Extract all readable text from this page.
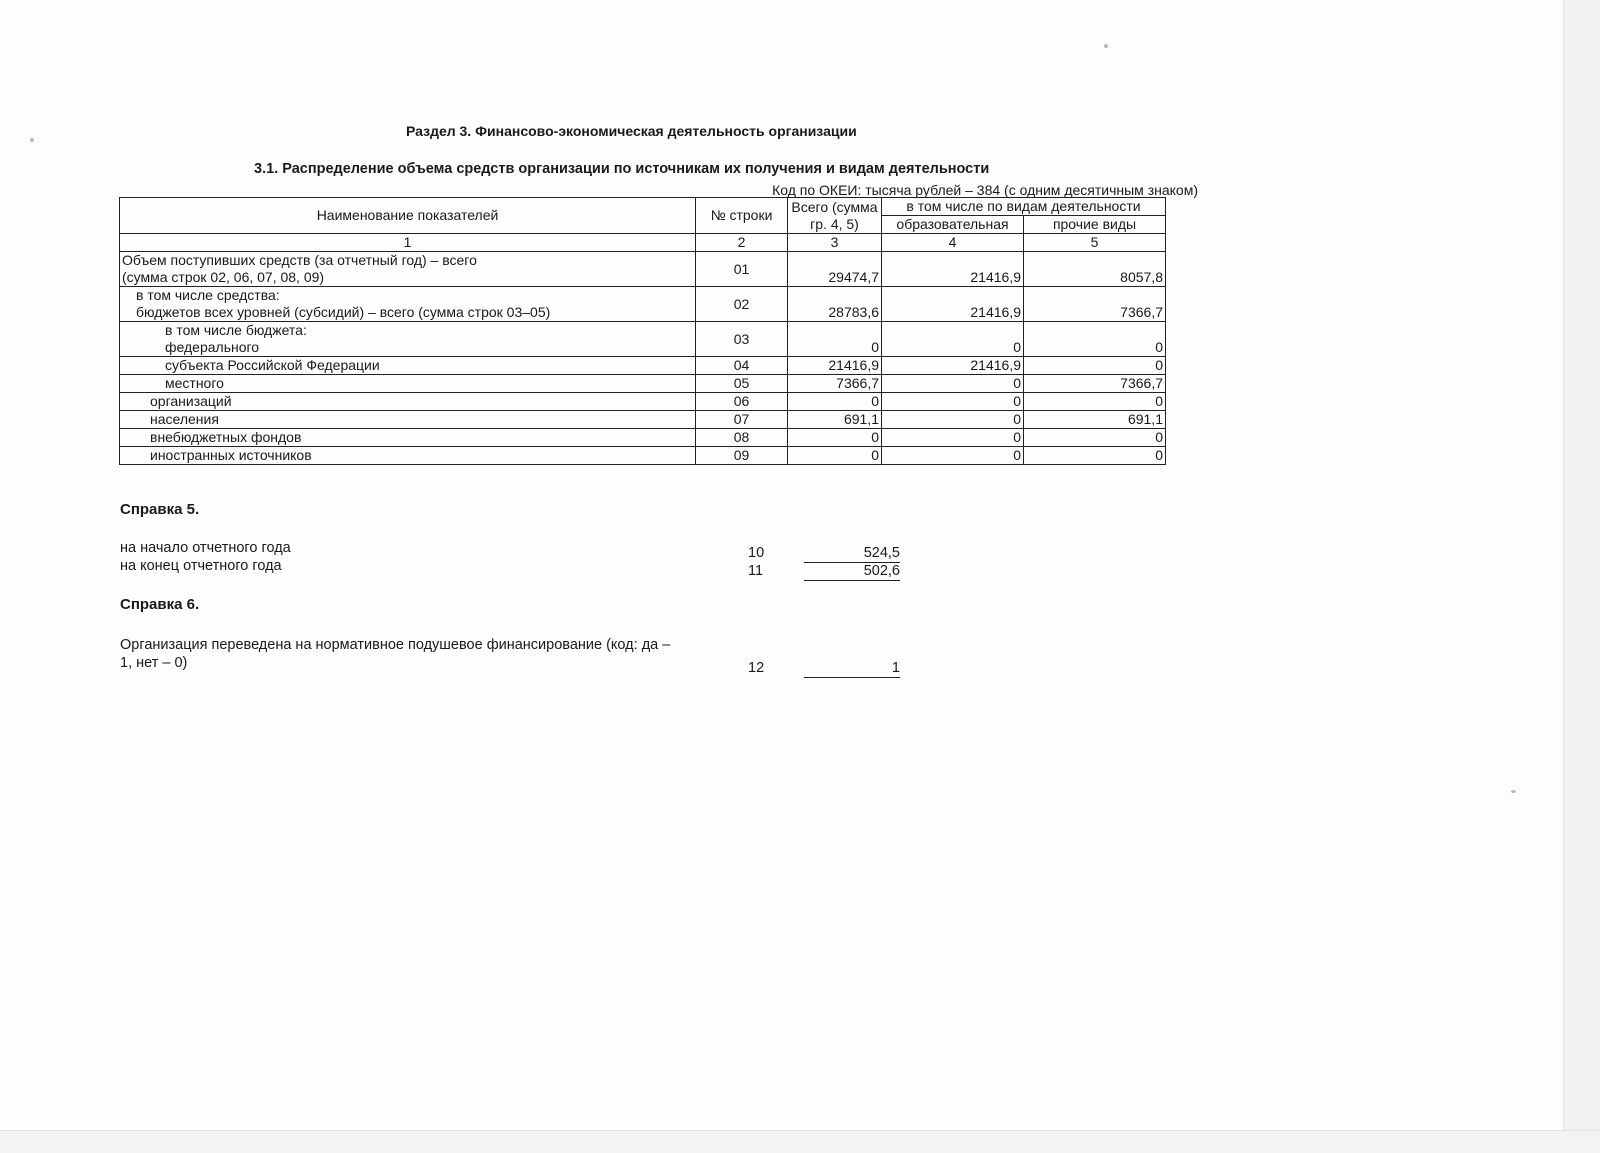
Раздел 3. Финансово-экономическая деятельность организации
3.1. Распределение объема средств организации по источникам их получения и видам деятельности
Код по ОКЕИ: тысяча рублей – 384 (с одним десятичным знаком)
Наименование показателей	№ строки	Всего (сумма
гр. 4, 5)	в том числе по видам деятельности	
			образовательная	прочие виды
1	2	3	4	5

Объем поступивших средств (за отчетный год) – всего
(сумма строк 02, 06, 07, 08, 09)	01	29474,7	21416,9	8057,8

в том числе средства:
бюджетов всех уровней (субсидий) – всего (сумма строк 03–05)	02	28783,6	21416,9	7366,7

в том числе бюджета:
федерального	03	0	0	0
субъекта Российской Федерации	04	21416,9	21416,9	0
местного	05	7366,7	0	7366,7
организаций	06	0	0	0
населения	07	691,1	0	691,1
внебюджетных фондов	08	0	0	0
иностранных источников	09	0	0	0
Справка 5.
на начало отчетного года	10	524,5
на конец отчетного года	11	502,6
Справка 6.
Организация переведена на нормативное подушевое финансирование (код: да –
1, нет – 0)	12	1
